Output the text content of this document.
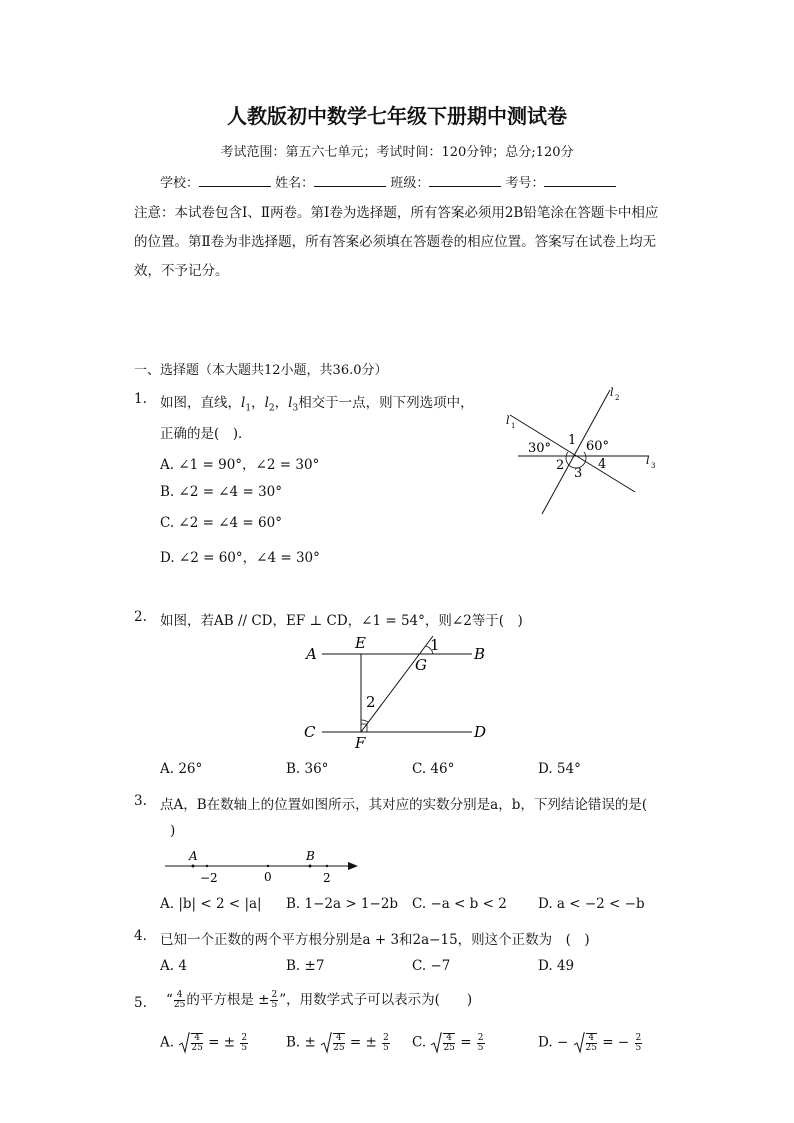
人教版初中数学七年级下册期中测试卷
考试范围：第五六七单元；考试时间：120分钟；总分;120分
学校：	姓名：	班级：	考号：
注意：本试卷包含Ⅰ、Ⅱ两卷。第Ⅰ卷为选择题，所有答案必须用2B铅笔涂在答题卡中相应的位置。第Ⅱ卷为非选择题，所有答案必须填在答题卷的相应位置。答案写在试卷上均无效，不予记分。
一、选择题（本大题共12小题，共36.0分）
1. 如图，直线，$l_1$，$l_2$，$l_3$相交于一点，则下列选项中，
正确的是(　)．
A. ∠1 = 90°，∠2 = 30°
B. ∠2 = ∠4 = 30°
C. ∠2 = ∠4 = 60°
D. ∠2 = 60°，∠4 = 30°
l 1
l 2
l 3
30°	60°
1
2
3
4
2. 如图，若AB // CD，EF ⊥ CD，∠1 = 54°，则∠2等于(　)
A	B
C	D
E
F
G
1
2
A. 26°	B. 36°	C. 46°	D. 54°
3. 点A，B在数轴上的位置如图所示，其对应的实数分别是a，b，下列结论错误的是(
)
A	B
−2	0	2
A. |b| < 2 < |a| B. 1−2a > 1−2b C. −a < b < 2 D. a < −2 < −b
4. 已知一个正数的两个平方根分别是a + 3和2a−15，则这个正数为　(　)
A. 4	B. ±7	C. −7	D. 49
5. “ $\frac{4}{25}$ 的平方根是 ± $\frac{2}{5}$ ”，用数学式子可以表示为(　　)
A. $\frac{4}{25}$ = ± $\frac{2}{5}$	B. ± $\frac{4}{25}$ = ± $\frac{2}{5} C$. $\frac{4}{25} = \frac{2}{5}$	D. − $\frac{4}{25}$ = − $\frac{2}{5}$
